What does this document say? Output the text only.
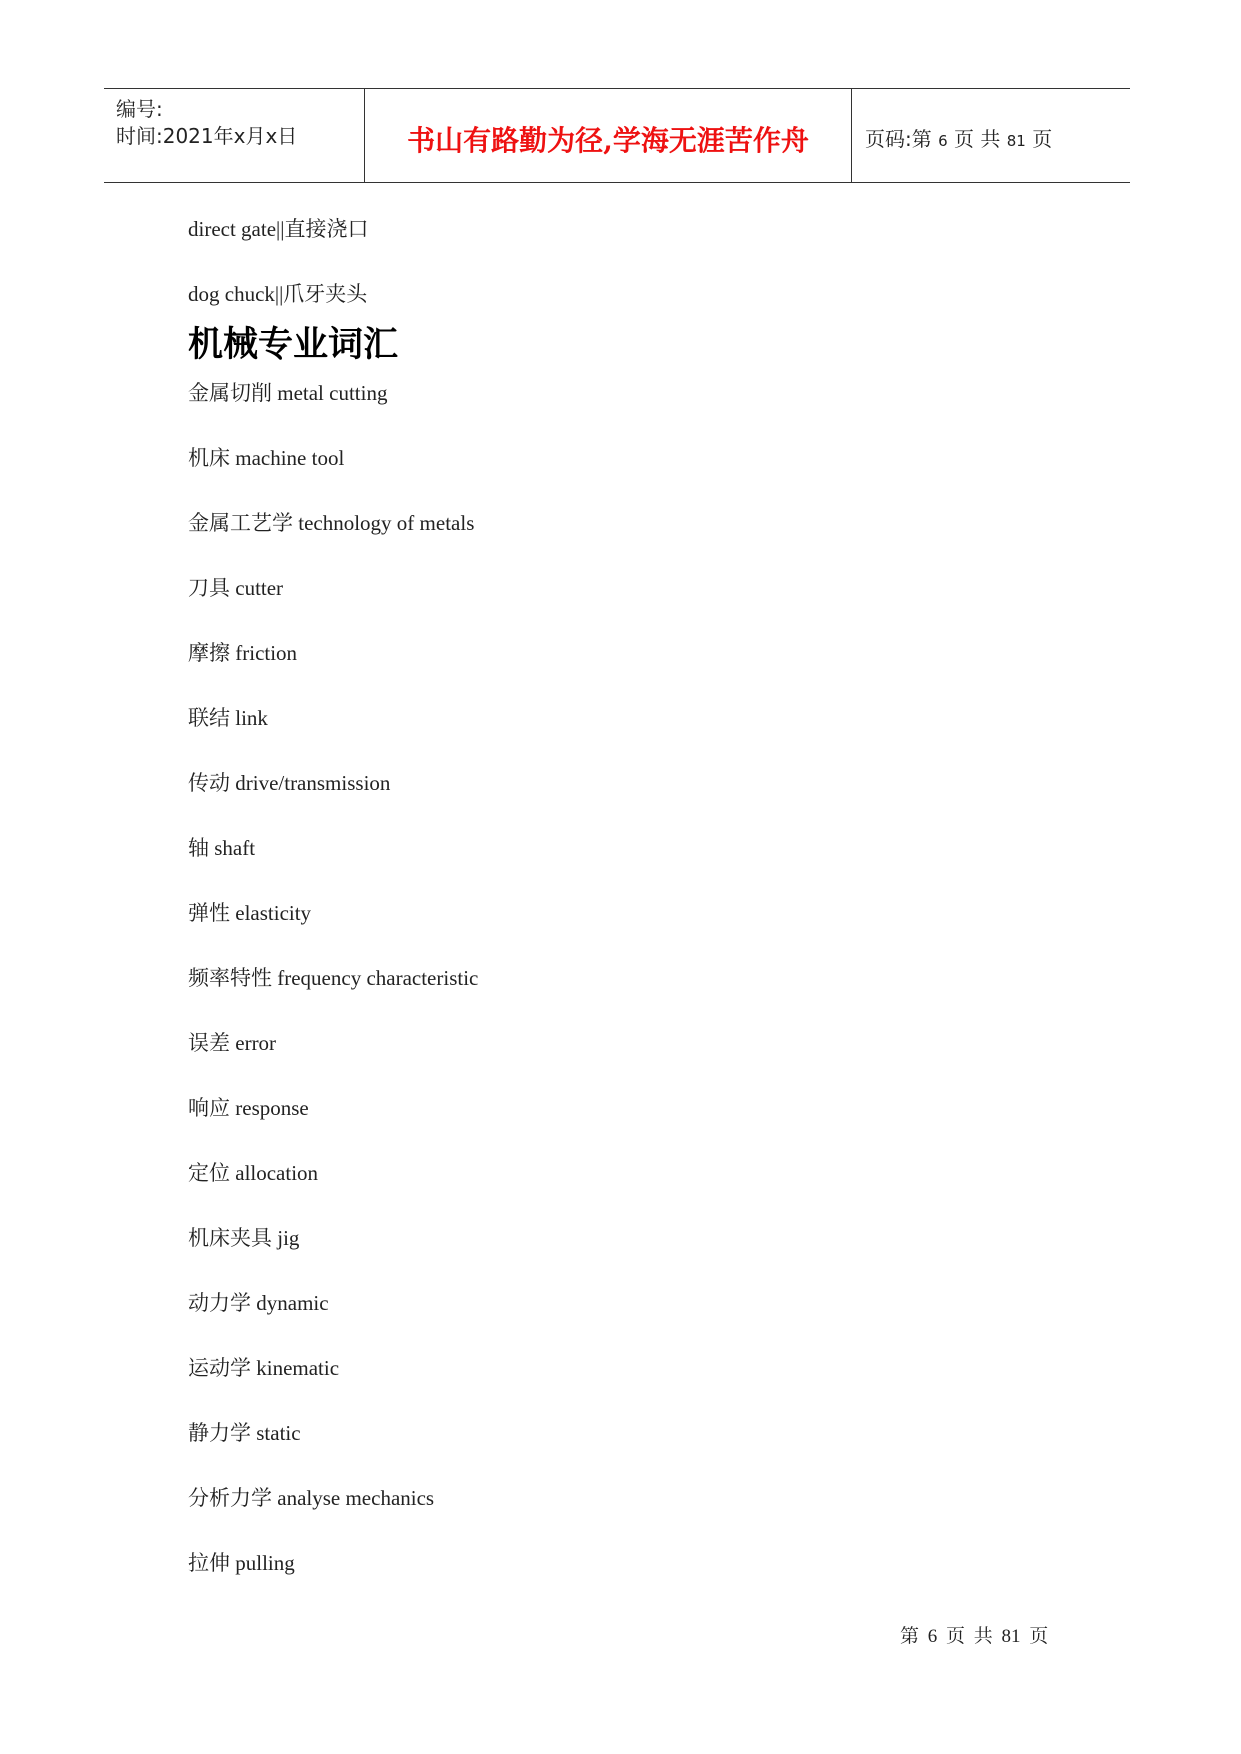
编号:
时间:2021年x月x日	书山有路勤为径,学海无涯苦作舟	页码:第 6 页 共 81 页
direct gate||直接浇口
dog chuck||爪牙夹头
机械专业词汇
金属切削 metal cutting
机床 machine tool
金属工艺学 technology of metals
刀具 cutter
摩擦 friction
联结 link
传动 drive/transmission
轴 shaft
弹性 elasticity
频率特性 frequency characteristic
误差 error
响应 response
定位 allocation
机床夹具 jig
动力学 dynamic
运动学 kinematic
静力学 static
分析力学 analyse mechanics
拉伸 pulling
第 6 页 共 81 页
